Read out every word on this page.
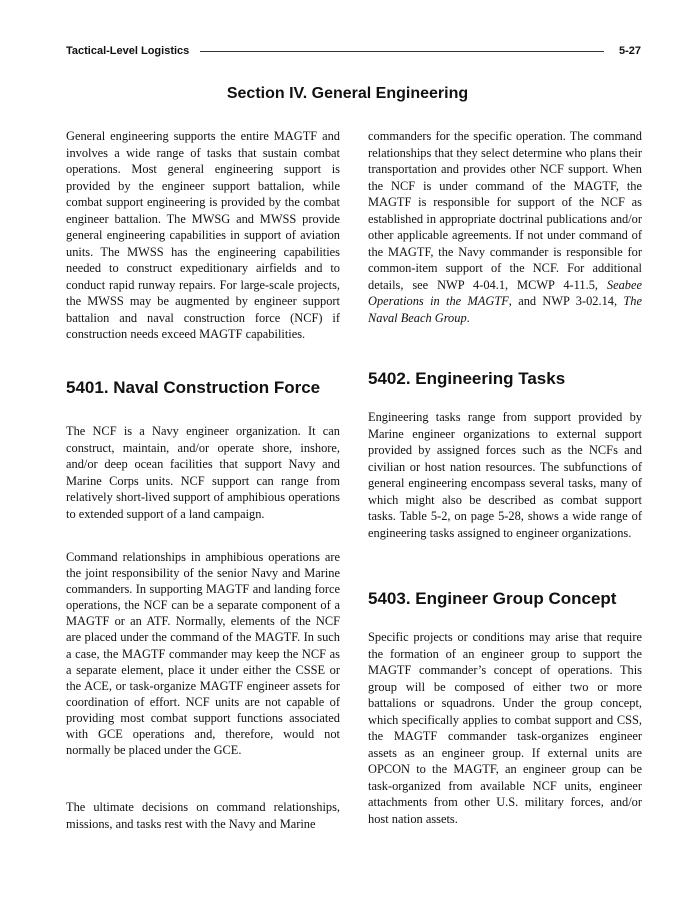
Tactical-Level Logistics	5-27
Section IV. General Engineering
General engineering supports the entire MAGTF and involves a wide range of tasks that sustain combat operations. Most general engineering support is provided by the engineer support battalion, while combat support engineering is provided by the combat engineer battalion. The MWSG and MWSS provide general engineering capabilities in support of aviation units. The MWSS has the engineering capabilities needed to construct expeditionary airfields and to conduct rapid runway repairs. For large-scale projects, the MWSS may be augmented by engineer support battalion and naval construction force (NCF) if construction needs exceed MAGTF capabilities.
5401. Naval Construction Force
The NCF is a Navy engineer organization. It can construct, maintain, and/or operate shore, inshore, and/or deep ocean facilities that support Navy and Marine Corps units. NCF support can range from relatively short-lived support of amphibious operations to extended support of a land campaign.
Command relationships in amphibious operations are the joint responsibility of the senior Navy and Marine commanders. In supporting MAGTF and landing force operations, the NCF can be a separate component of a MAGTF or an ATF. Normally, elements of the NCF are placed under the command of the MAGTF. In such a case, the MAGTF commander may keep the NCF as a separate element, place it under either the CSSE or the ACE, or task-organize MAGTF engineer assets for coordination of effort. NCF units are not capable of providing most combat support functions associated with GCE operations and, therefore, would not normally be placed under the GCE.
The ultimate decisions on command relationships, missions, and tasks rest with the Navy and Marine
commanders for the specific operation. The command relationships that they select determine who plans their transportation and provides other NCF support. When the NCF is under command of the MAGTF, the MAGTF is responsible for support of the NCF as established in appropriate doctrinal publications and/or other applicable agreements. If not under command of the MAGTF, the Navy commander is responsible for common-item support of the NCF. For additional details, see NWP 4-04.1, MCWP 4-11.5, Seabee Operations in the MAGTF, and NWP 3-02.14, The Naval Beach Group.
5402. Engineering Tasks
Engineering tasks range from support provided by Marine engineer organizations to external support provided by assigned forces such as the NCFs and civilian or host nation resources. The subfunctions of general engineering encompass several tasks, many of which might also be described as combat support tasks. Table 5-2, on page 5-28, shows a wide range of engineering tasks assigned to engineer organizations.
5403. Engineer Group Concept
Specific projects or conditions may arise that require the formation of an engineer group to support the MAGTF commander’s concept of operations. This group will be composed of either two or more battalions or squadrons. Under the group concept, which specifically applies to combat support and CSS, the MAGTF commander task-organizes engineer assets as an engineer group. If external units are OPCON to the MAGTF, an engineer group can be task-organized from available NCF units, engineer attachments from other U.S. military forces, and/or host nation assets.
